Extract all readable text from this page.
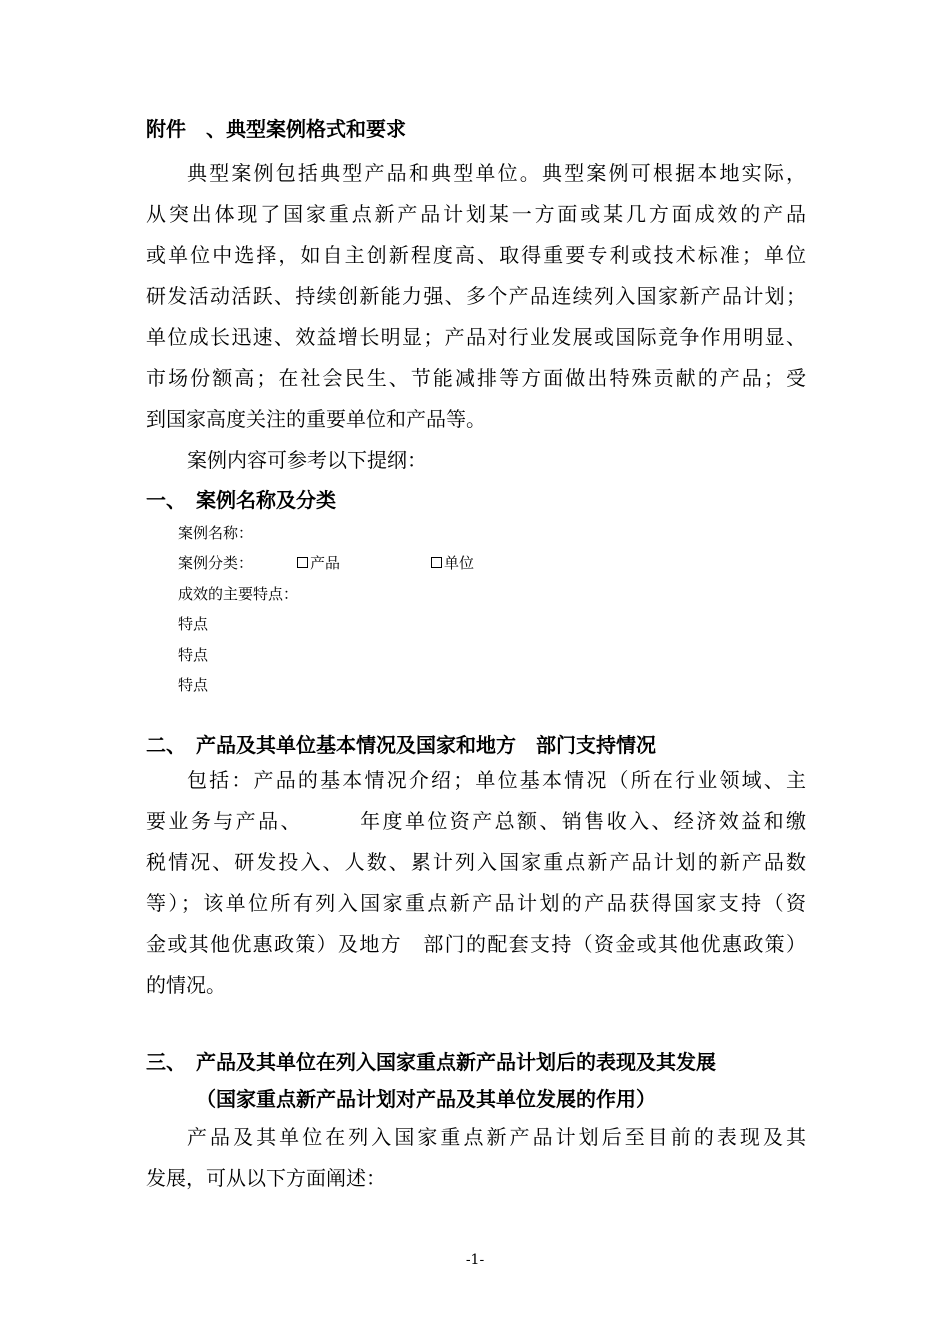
附件　、典型案例格式和要求
典型案例包括典型产品和典型单位。典型案例可根据本地实际，
从突出体现了国家重点新产品计划某一方面或某几方面成效的产品
或单位中选择，如自主创新程度高、取得重要专利或技术标准；单位
研发活动活跃、持续创新能力强、多个产品连续列入国家新产品计划；
单位成长迅速、效益增长明显；产品对行业发展或国际竞争作用明显、
市场份额高；在社会民生、节能减排等方面做出特殊贡献的产品；受
到国家高度关注的重要单位和产品等。
案例内容可参考以下提纲：
一、　案例名称及分类
案例名称：
案例分类：	产品	单位
成效的主要特点：
特点
特点
特点
二、　产品及其单位基本情况及国家和地方　部门支持情况
包括：产品的基本情况介绍；单位基本情况（所在行业领域、主
要业务与产品、　　　年度单位资产总额、销售收入、经济效益和缴
税情况、研发投入、人数、累计列入国家重点新产品计划的新产品数
等）；该单位所有列入国家重点新产品计划的产品获得国家支持（资
金或其他优惠政策）及地方　部门的配套支持（资金或其他优惠政策）
的情况。
三、　产品及其单位在列入国家重点新产品计划后的表现及其发展
（国家重点新产品计划对产品及其单位发展的作用）
产品及其单位在列入国家重点新产品计划后至目前的表现及其
发展，可从以下方面阐述：
-1-
